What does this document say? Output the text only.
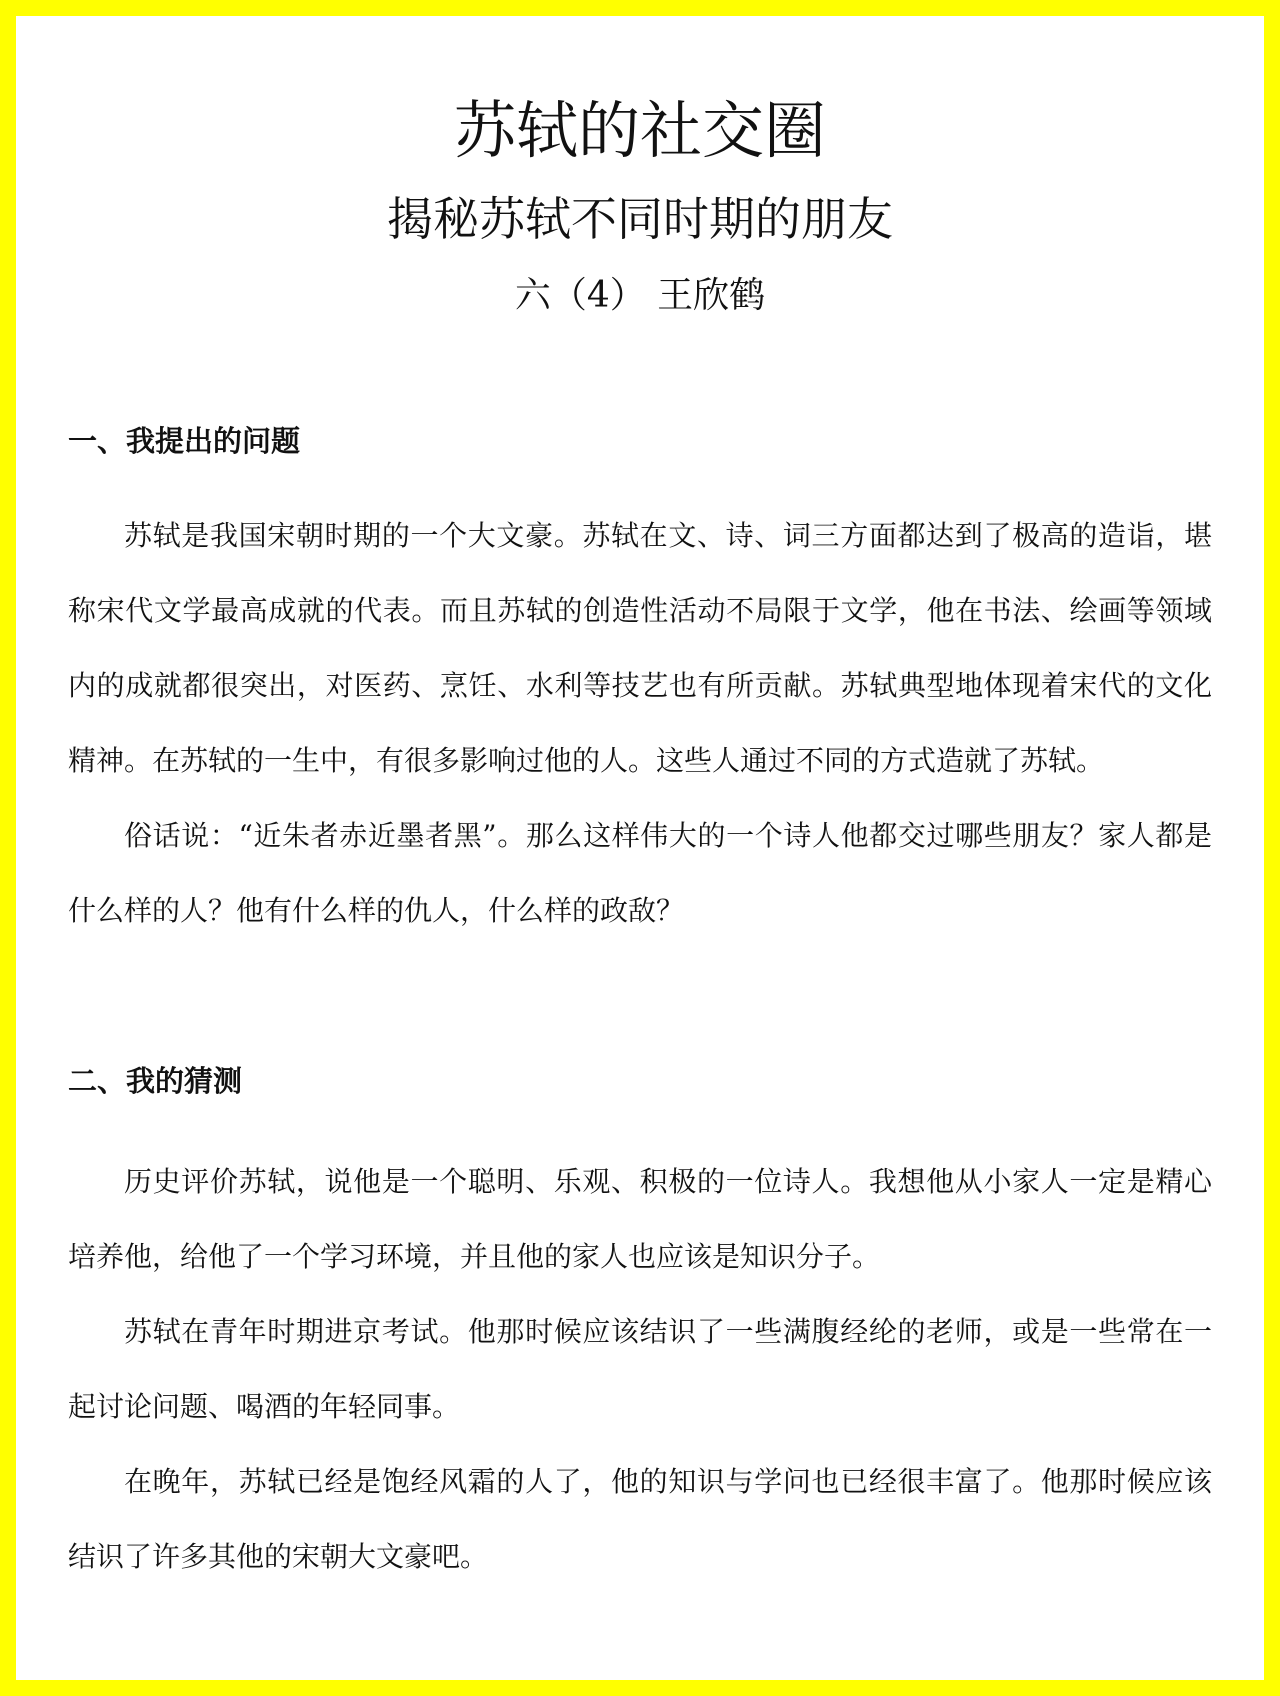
苏轼的社交圈
揭秘苏轼不同时期的朋友
六（4） 王欣鹤
一、我提出的问题

苏轼是我国宋朝时期的一个大文豪。苏轼在文、诗、词三方面都达到了极高的造诣，堪称宋代文学最高成就的代表。而且苏轼的创造性活动不局限于文学，他在书法、绘画等领域内的成就都很突出，对医药、烹饪、水利等技艺也有所贡献。苏轼典型地体现着宋代的文化精神。在苏轼的一生中，有很多影响过他的人。这些人通过不同的方式造就了苏轼。

俗话说：“近朱者赤近墨者黑”。那么这样伟大的一个诗人他都交过哪些朋友？家人都是什么样的人？他有什么样的仇人，什么样的政敌？

二、我的猜测

历史评价苏轼，说他是一个聪明、乐观、积极的一位诗人。我想他从小家人一定是精心培养他，给他了一个学习环境，并且他的家人也应该是知识分子。

苏轼在青年时期进京考试。他那时候应该结识了一些满腹经纶的老师，或是一些常在一起讨论问题、喝酒的年轻同事。

在晚年，苏轼已经是饱经风霜的人了，他的知识与学问也已经很丰富了。他那时候应该结识了许多其他的宋朝大文豪吧。
